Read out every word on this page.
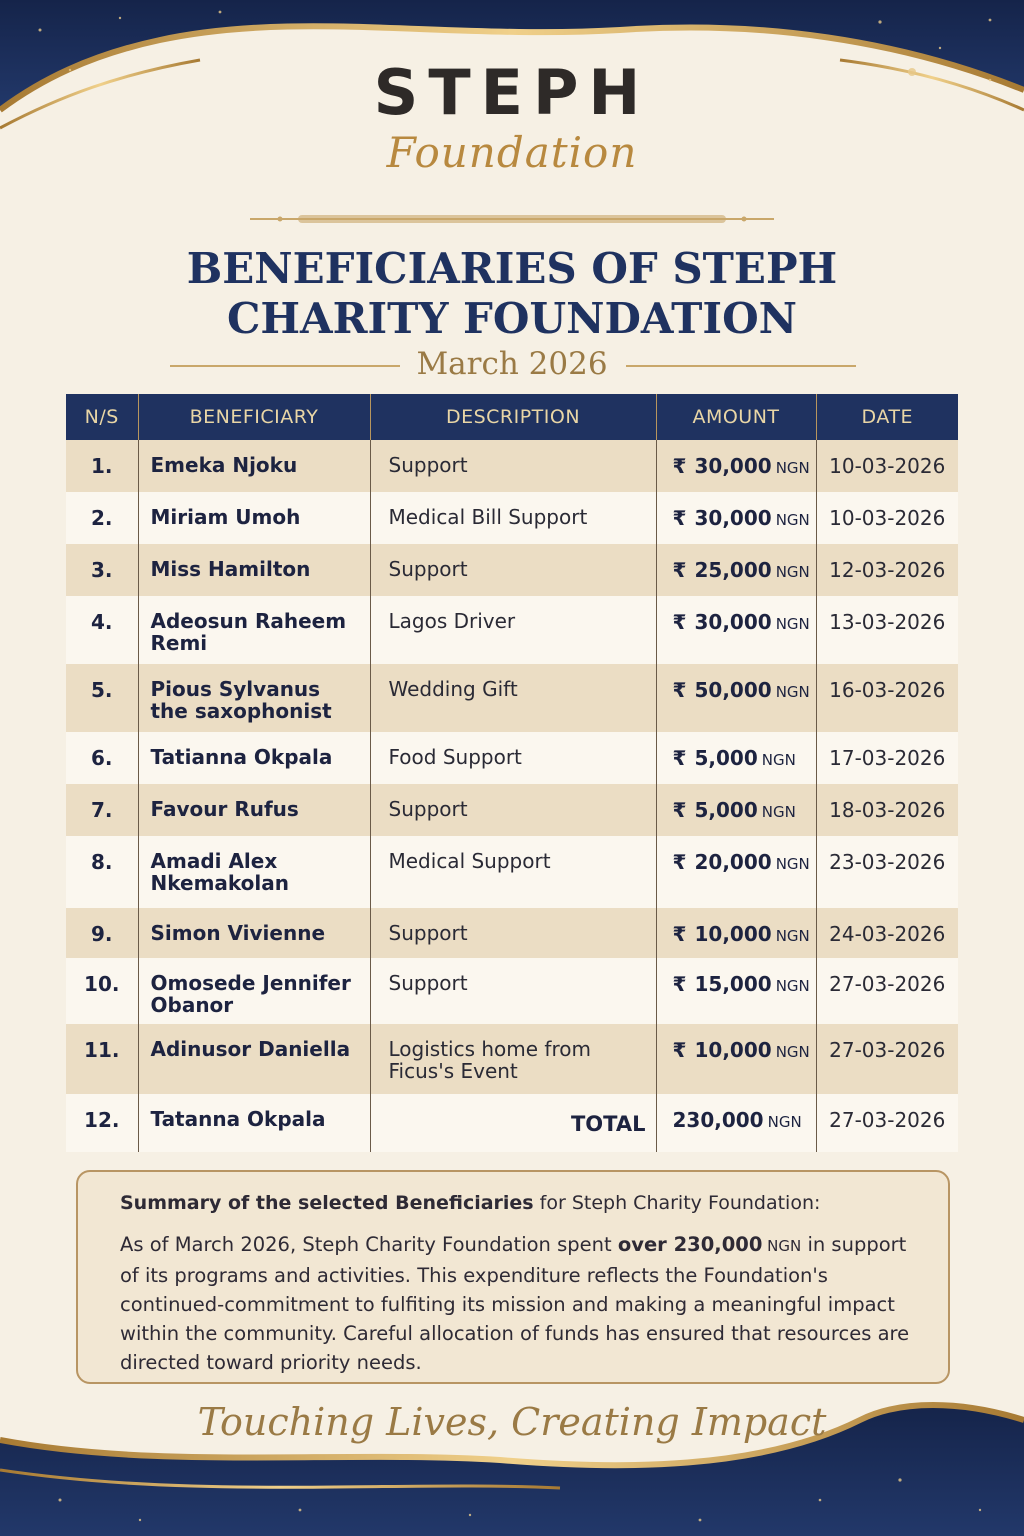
STEPH
Foundation
BENEFICIARIES OF STEPH
CHARITY FOUNDATION
March 2026
N/S	BENEFICIARY	DESCRIPTION	AMOUNT	DATE
1.	Emeka Njoku	Support	₹ 30,000 NGN	10-03-2026
2.	Miriam Umoh	Medical Bill Support	₹ 30,000 NGN	10-03-2026
3.	Miss Hamilton	Support	₹ 25,000 NGN	12-03-2026
4.	Adeosun Raheem Remi	Lagos Driver	₹ 30,000 NGN	13-03-2026
5.	Pious Sylvanus the saxophonist	Wedding Gift	₹ 50,000 NGN	16-03-2026
6.	Tatianna Okpala	Food Support	₹ 5,000 NGN	17-03-2026
7.	Favour Rufus	Support	₹ 5,000 NGN	18-03-2026
8.	Amadi Alex Nkemakolan	Medical Support	₹ 20,000 NGN	23-03-2026
9.	Simon Vivienne	Support	₹ 10,000 NGN	24-03-2026
10.	Omosede Jennifer Obanor	Support	₹ 15,000 NGN	27-03-2026
11.	Adinusor Daniella	Logistics home from Ficus's Event	₹ 10,000 NGN	27-03-2026
12.	Tatanna Okpala	TOTAL	230,000 NGN	27-03-2026
Summary of the selected Beneficiaries for Steph Charity Foundation:
As of March 2026, Steph Charity Foundation spent over 230,000 NGN in support of its programs and activities. This expenditure reflects the Foundation's continued-commitment to fulfiting its mission and making a meaningful impact within the community. Careful allocation of funds has ensured that resources are directed toward priority needs.
Touching Lives, Creating Impact
